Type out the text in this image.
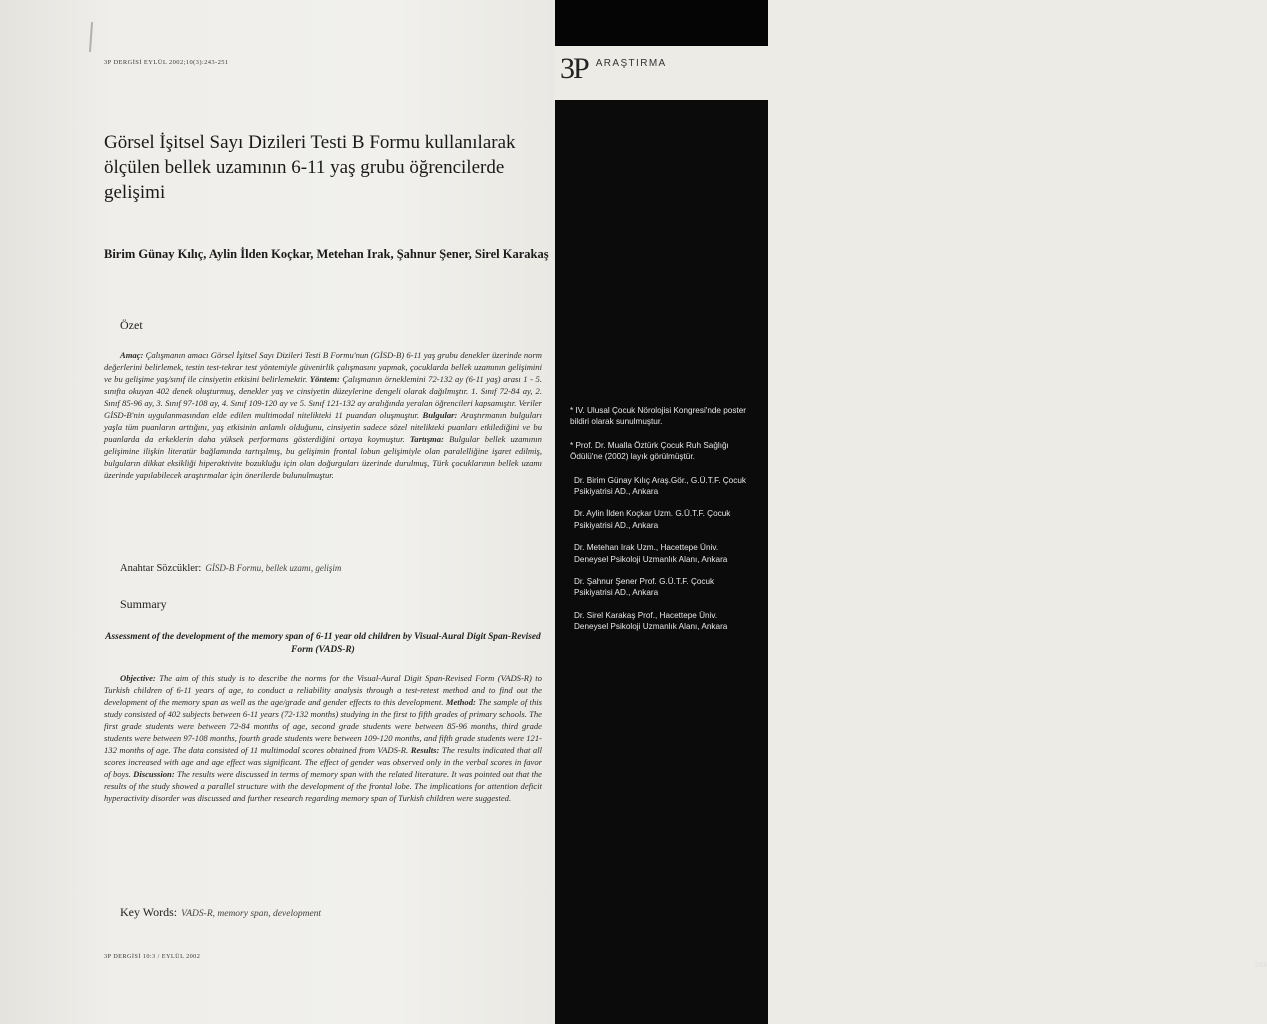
3P DERGİSİ EYLÜL 2002;10(3):243-251

* IV. Ulusal Çocuk Nörolojisi Kongresi'nde poster bildiri olarak sunulmuştur.

* Prof. Dr. Mualla Öztürk Çocuk Ruh Sağlığı Ödülü'ne (2002) layık görülmüştür.

Dr. Birim Günay Kılıç Araş.Gör., G.Ü.T.F. Çocuk Psikiyatrisi AD., Ankara

Dr. Aylin İlden Koçkar Uzm. G.Ü.T.F. Çocuk Psikiyatrisi AD., Ankara

Dr. Metehan Irak Uzm., Hacettepe Üniv. Deneysel Psikoloji Uzmanlık Alanı, Ankara

Dr. Şahnur Şener Prof. G.Ü.T.F. Çocuk Psikiyatrisi AD., Ankara

Dr. Sirel Karakaş Prof., Hacettepe Üniv. Deneysel Psikoloji Uzmanlık Alanı, Ankara

243
3P ARAŞTIRMA
Görsel İşitsel Sayı Dizileri Testi B Formu kullanılarak ölçülen bellek uzamının 6-11 yaş grubu öğrencilerde gelişimi
Birim Günay Kılıç, Aylin İlden Koçkar, Metehan Irak, Şahnur Şener, Sirel Karakaş
Özet
Amaç: Çalışmanın amacı Görsel İşitsel Sayı Dizileri Testi B Formu'nun (GİSD-B) 6-11 yaş grubu denekler üzerinde norm değerlerini belirlemek, testin test-tekrar test yöntemiyle güvenirlik çalışmasını yapmak, çocuklarda bellek uzamının gelişimini ve bu gelişime yaş/sınıf ile cinsiyetin etkisini belirlemektir. Yöntem: Çalışmanın örneklemini 72-132 ay (6-11 yaş) arası 1 - 5. sınıfta okuyan 402 denek oluşturmuş, denekler yaş ve cinsiyetin düzeylerine dengeli olarak dağılmıştır. 1. Sınıf 72-84 ay, 2. Sınıf 85-96 ay, 3. Sınıf 97-108 ay, 4. Sınıf 109-120 ay ve 5. Sınıf 121-132 ay aralığında yeralan öğrencileri kapsamıştır. Veriler GİSD-B'nin uygulanmasından elde edilen multimodal nitelikteki 11 puandan oluşmuştur. Bulgular: Araştırmanın bulguları yaşla tüm puanların arttığını, yaş etkisinin anlamlı olduğunu, cinsiyetin sadece sözel nitelikteki puanları etkilediğini ve bu puanlarda da erkeklerin daha yüksek performans gösterdiğini ortaya koymuştur. Tartışma: Bulgular bellek uzamının gelişimine ilişkin literatür bağlamında tartışılmış, bu gelişimin frontal lobun gelişimiyle olan paralelliğine işaret edilmiş, bulguların dikkat eksikliği hiperaktivite bozukluğu için olan doğurguları üzerinde durulmuş, Türk çocuklarının bellek uzamı üzerinde yapılabilecek araştırmalar için önerilerde bulunulmuştur.
Anahtar Sözcükler: GİSD-B Formu, bellek uzamı, gelişim
Summary
Assessment of the development of the memory span of 6-11 year old children by Visual-Aural Digit Span-Revised Form (VADS-R)
Objective: The aim of this study is to describe the norms for the Visual-Aural Digit Span-Revised Form (VADS-R) to Turkish children of 6-11 years of age, to conduct a reliability analysis through a test-retest method and to find out the development of the memory span as well as the age/grade and gender effects to this development. Method: The sample of this study consisted of 402 subjects between 6-11 years (72-132 months) studying in the first to fifth grades of primary schools. The first grade students were between 72-84 months of age, second grade students were between 85-96 months, third grade students were between 97-108 months, fourth grade students were between 109-120 months, and fifth grade students were 121-132 months of age. The data consisted of 11 multimodal scores obtained from VADS-R. Results: The results indicated that all scores increased with age and age effect was significant. The effect of gender was observed only in the verbal scores in favor of boys. Discussion: The results were discussed in terms of memory span with the related literature. It was pointed out that the results of the study showed a parallel structure with the development of the frontal lobe. The implications for attention deficit hyperactivity disorder was discussed and further research regarding memory span of Turkish children were suggested.
Key Words: VADS-R, memory span, development
3P DERGİSİ 10:3 / EYLÜL 2002
